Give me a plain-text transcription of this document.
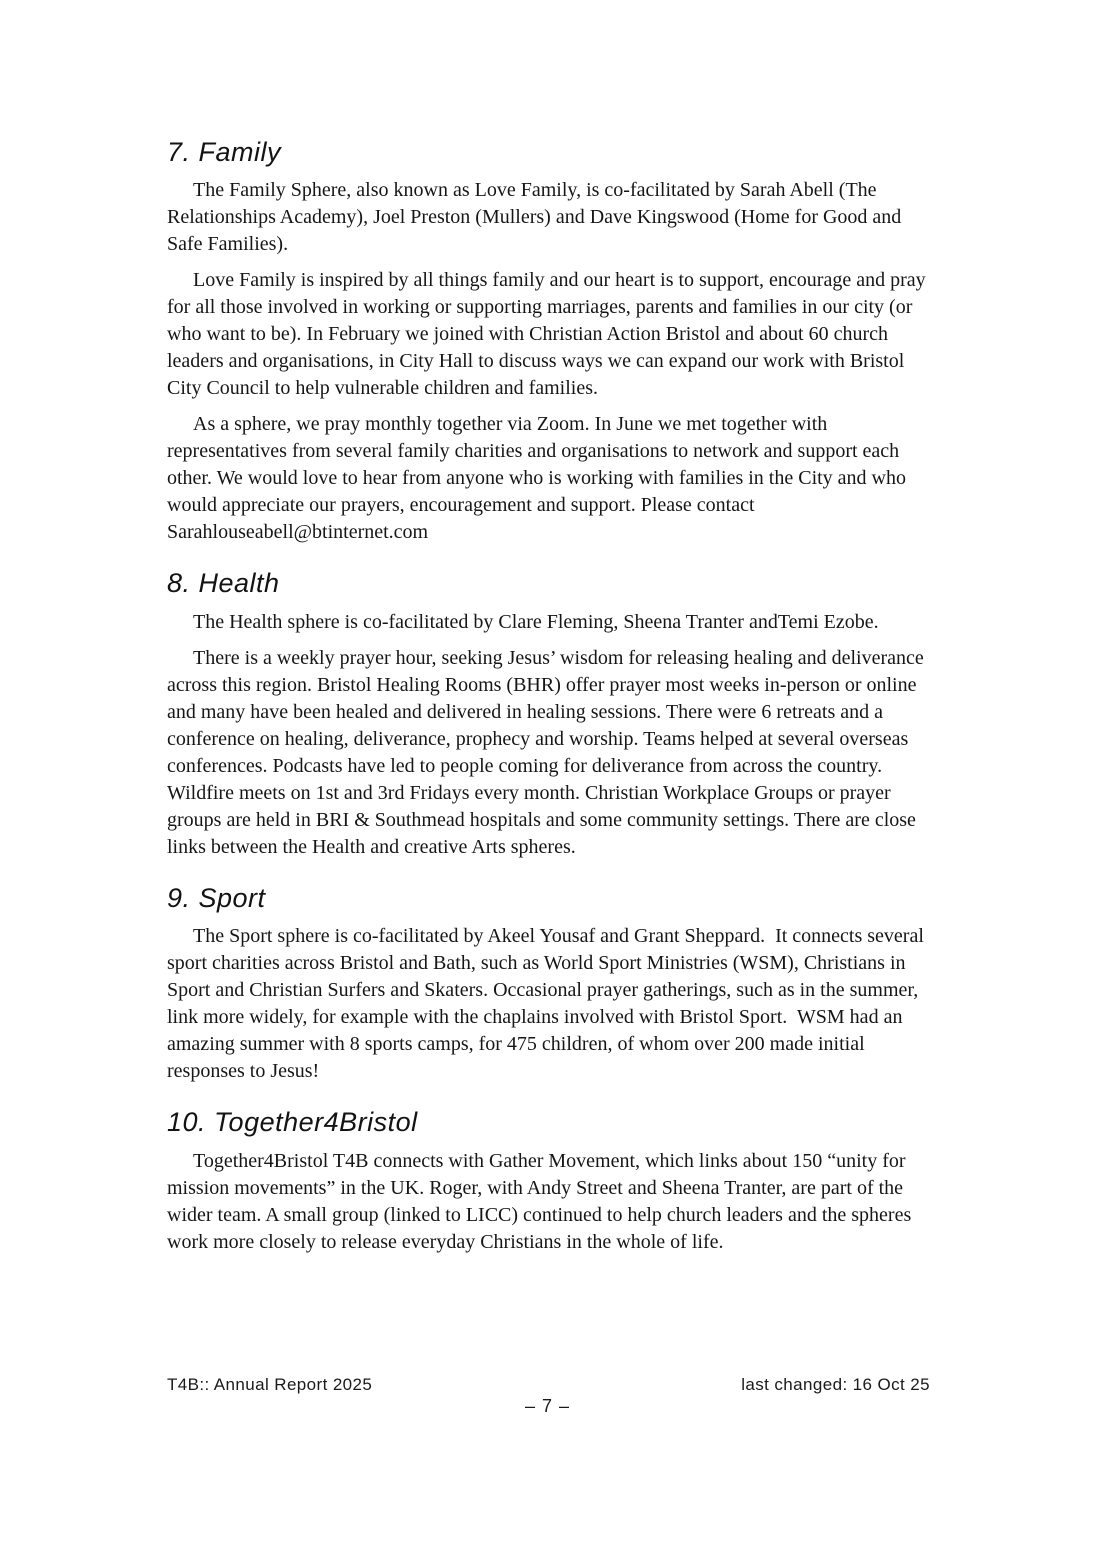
7. Family

The Family Sphere, also known as Love Family, is co-facilitated by Sarah Abell (The Relationships Academy), Joel Preston (Mullers) and Dave Kingswood (Home for Good and Safe Families).

Love Family is inspired by all things family and our heart is to support, encourage and pray for all those involved in working or supporting marriages, parents and families in our city (or who want to be). In February we joined with Christian Action Bristol and about 60 church leaders and organisations, in City Hall to discuss ways we can expand our work with Bristol City Council to help vulnerable children and families.

As a sphere, we pray monthly together via Zoom. In June we met together with representatives from several family charities and organisations to network and support each other. We would love to hear from anyone who is working with families in the City and who would appreciate our prayers, encouragement and support. Please contact Sarahlouseabell@btinternet.com

8. Health

The Health sphere is co-facilitated by Clare Fleming, Sheena Tranter andTemi Ezobe.

There is a weekly prayer hour, seeking Jesus’ wisdom for releasing healing and deliverance across this region. Bristol Healing Rooms (BHR) offer prayer most weeks in-person or online and many have been healed and delivered in healing sessions. There were 6 retreats and a conference on healing, deliverance, prophecy and worship. Teams helped at several overseas conferences. Podcasts have led to people coming for deliverance from across the country. Wildfire meets on 1st and 3rd Fridays every month. Christian Workplace Groups or prayer groups are held in BRI & Southmead hospitals and some community settings. There are close links between the Health and creative Arts spheres.

9. Sport

The Sport sphere is co-facilitated by Akeel Yousaf and Grant Sheppard.  It connects several sport charities across Bristol and Bath, such as World Sport Ministries (WSM), Christians in Sport and Christian Surfers and Skaters. Occasional prayer gatherings, such as in the summer, link more widely, for example with the chaplains involved with Bristol Sport.  WSM had an amazing summer with 8 sports camps, for 475 children, of whom over 200 made initial responses to Jesus!

10. Together4Bristol

Together4Bristol T4B connects with Gather Movement, which links about 150 “unity for mission movements” in the UK. Roger, with Andy Street and Sheena Tranter, are part of the wider team. A small group (linked to LICC) continued to help church leaders and the spheres work more closely to release everyday Christians in the whole of life.

T4B:: Annual Report 2025	last changed: 16 Oct 25
– 7 –
